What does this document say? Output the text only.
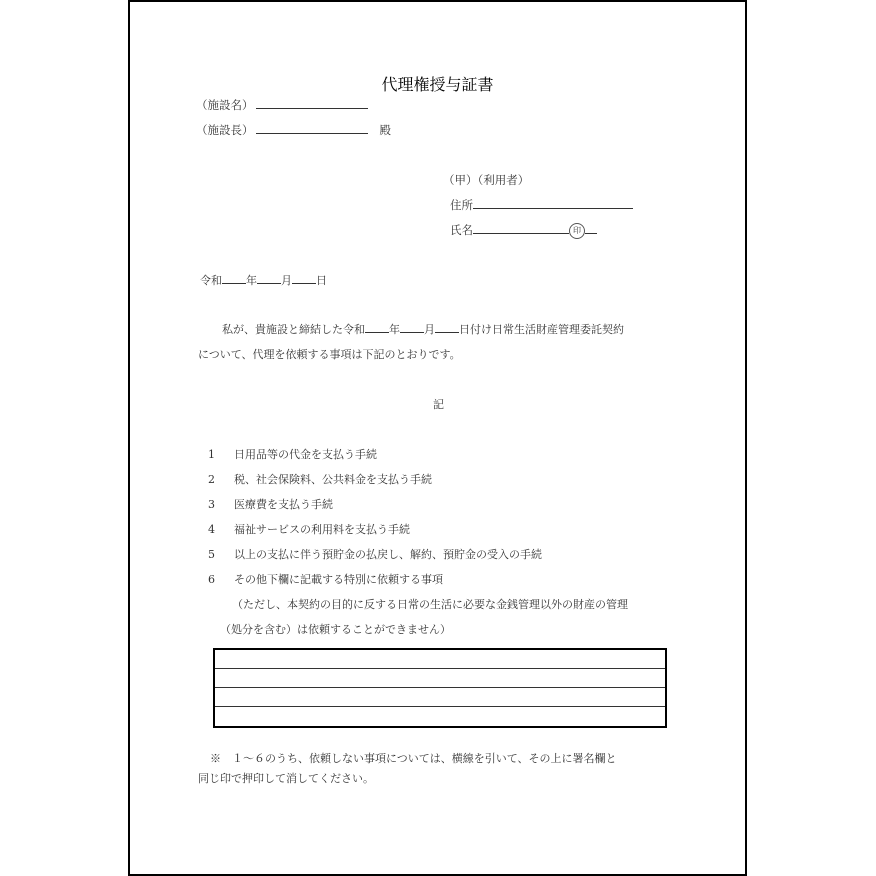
代理権授与証書
（施設名）
（施設長）	殿
（甲）（利用者）
住所
氏名	印
令和 年 月 日
私が、貴施設と締結した令和 年 月 日付け日常生活財産管理委託契約
について、代理を依頼する事項は下記のとおりです。
記
1 日用品等の代金を支払う手続
2 税、社会保険料、公共料金を支払う手続
3 医療費を支払う手続
4 福祉サービスの利用料を支払う手続
5 以上の支払に伴う預貯金の払戻し、解約、預貯金の受入の手続
6 その他下欄に記載する特別に依頼する事項
（ただし、本契約の目的に反する日常の生活に必要な金銭管理以外の財産の管理
（処分を含む）は依頼することができません）
※　１～６のうち、依頼しない事項については、横線を引いて、その上に署名欄と
同じ印で押印して消してください。
